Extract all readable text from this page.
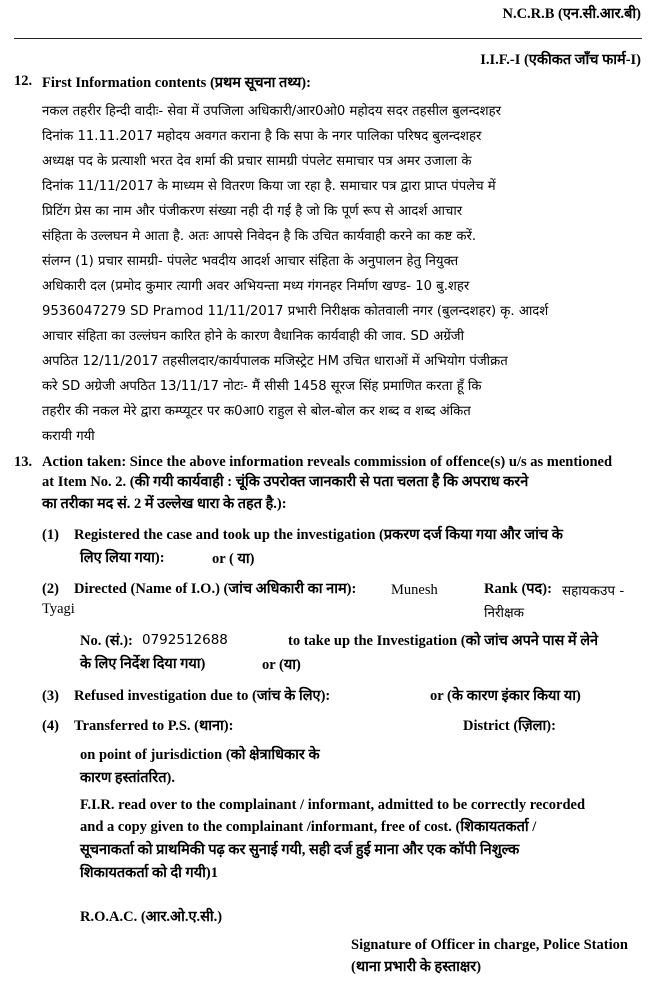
N.C.R.B (एन.सी.आर.बी)
I.I.F.-I (एकीकत जाँच फार्म-I)
12. First Information contents (प्रथम सूचना तथ्य):
नकल तहरीर हिन्दी वादीः- सेवा में उपजिला अधिकारी/आर0ओ0 महोदय सदर तहसील बुलन्दशहर
दिनांक 11.11.2017 महोदय अवगत कराना है कि सपा के नगर पालिका परिषद बुलन्दशहर
अध्यक्ष पद के प्रत्याशी भरत देव शर्मा की प्रचार सामग्री पंपलेट समाचार पत्र अमर उजाला के
दिनांक 11/11/2017 के माध्यम से वितरण किया जा रहा है. समाचार पत्र द्वारा प्राप्त पंपलेच में
प्रिटिंग प्रेस का नाम और पंजीकरण संख्या नही दी गई है जो कि पूर्ण रूप से आदर्श आचार
संहिता के उल्लघन मे आता है. अतः आपसे निवेदन है कि उचित कार्यवाही करने का कष्ट करें.
संलग्न (1) प्रचार सामग्री- पंपलेट भवदीय आदर्श आचार संहिता के अनुपालन हेतु नियुक्त
अधिकारी दल (प्रमोद कुमार त्यागी अवर अभियन्ता मध्य गंगनहर निर्माण खण्ड- 10 बु.शहर
9536047279 SD Pramod 11/11/2017 प्रभारी निरीक्षक कोतवाली नगर (बुलन्दशहर) कृ. आदर्श
आचार संहिता का उल्लंघन कारित होने के कारण वैधानिक कार्यवाही की जाव. SD अग्रेंजी
अपठित 12/11/2017 तहसीलदार/कार्यपालक मजिस्ट्रेट HM उचित धाराओं में अभियोग पंजीक्रत
करे SD अग्रेजी अपठित 13/11/17 नोटः- मैं सीसी 1458 सूरज सिंह प्रमाणित करता हूँ कि
तहरीर की नकल मेरे द्वारा कम्प्यूटर पर क0आ0 राहुल से बोल-बोल कर शब्द व शब्द अंकित
करायी गयी
13. Action taken: Since the above information reveals commission of offence(s) u/s as mentioned
at Item No. 2. (की गयी कार्यवाही : चूंकि उपरोक्त जानकारी से पता चलता है कि अपराध करने
का तरीका मद सं. 2 में उल्लेख धारा के तहत है.):
(1) Registered the case and took up the investigation (प्रकरण दर्ज किया गया और जांच के
लिए लिया गया):	or ( या)
(2) Directed (Name of I.O.) (जांच अधिकारी का नाम): Munesh
Tyagi
Rank (पद): सहायकउप -
निरीक्षक
No. (सं.): 0792512688	to take up the Investigation (को जांच अपने पास में लेने
के लिए निर्देश दिया गया)	or (या)
(3) Refused investigation due to (जांच के लिए):	or (के कारण इंकार किया या)
(4) Transferred to P.S. (थाना):	District (ज़िला):
on point of jurisdiction (को क्षेत्राधिकार के
कारण हस्तांतरित).
F.I.R. read over to the complainant / informant, admitted to be correctly recorded
and a copy given to the complainant /informant, free of cost. (शिकायतकर्ता /
सूचनाकर्ता को प्राथमिकी पढ़ कर सुनाई गयी, सही दर्ज हुई माना और एक कॉपी निशुल्क
शिकायतकर्ता को दी गयी)1
R.O.A.C. (आर.ओ.ए.सी.)
Signature of Officer in charge, Police Station
(थाना प्रभारी के हस्ताक्षर)
